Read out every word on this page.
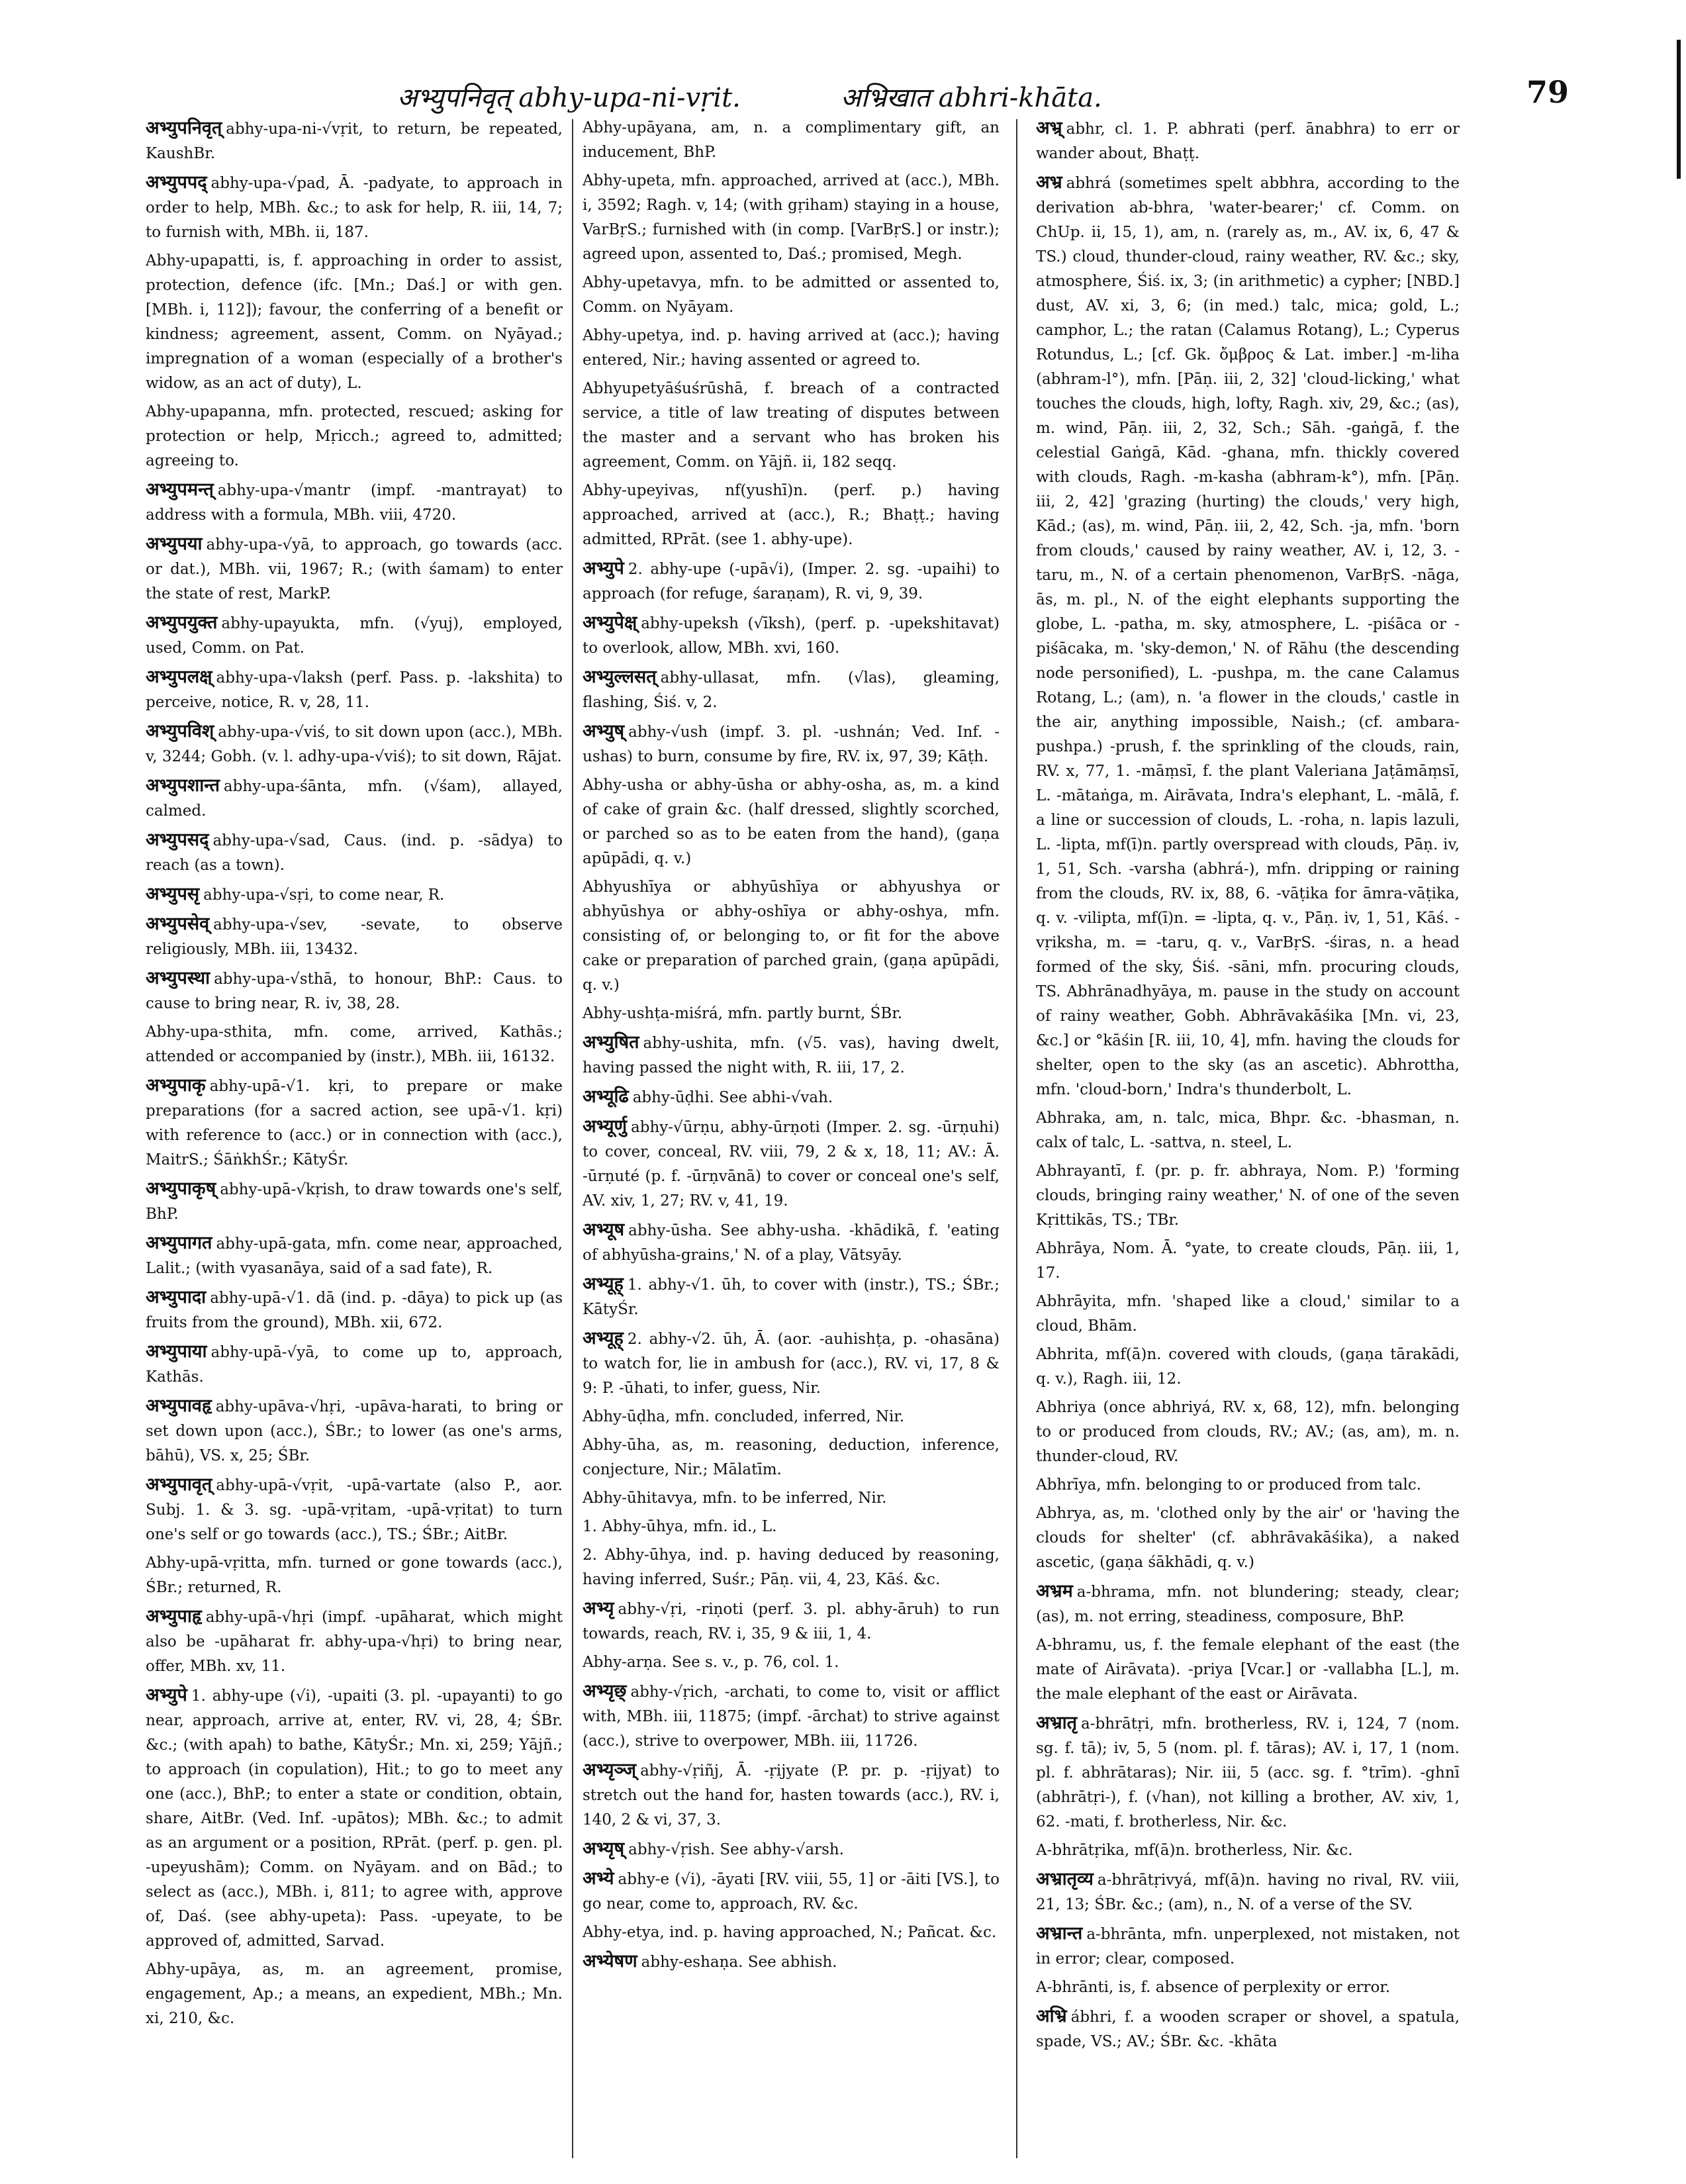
अभ्युपनिवृत् abhy-upa-ni-vṛit.	अभ्रिखात abhri-khāta.	79

अभ्युपनिवृत् abhy-upa-ni-√vṛit, to return, be repeated, KaushBr.

अभ्युपपद् abhy-upa-√pad, Ā. -padyate, to approach in order to help, MBh. &c.; to ask for help, R. iii, 14, 7; to furnish with, MBh. ii, 187.

Abhy-upapatti, is, f. approaching in order to assist, protection, defence (ifc. [Mn.; Daś.] or with gen. [MBh. i, 112]); favour, the conferring of a benefit or kindness; agreement, assent, Comm. on Nyāyad.; impregnation of a woman (especially of a brother's widow, as an act of duty), L.

Abhy-upapanna, mfn. protected, rescued; asking for protection or help, Mṛicch.; agreed to, admitted; agreeing to.

अभ्युपमन्त् abhy-upa-√mantr (impf. -mantrayat) to address with a formula, MBh. viii, 4720.

अभ्युपया abhy-upa-√yā, to approach, go towards (acc. or dat.), MBh. vii, 1967; R.; (with śamam) to enter the state of rest, MarkP.

अभ्युपयुक्त abhy-upayukta, mfn. (√yuj), employed, used, Comm. on Pat.

अभ्युपलक्ष् abhy-upa-√laksh (perf. Pass. p. -lakshita) to perceive, notice, R. v, 28, 11.

अभ्युपविश् abhy-upa-√viś, to sit down upon (acc.), MBh. v, 3244; Gobh. (v. l. adhy-upa-√viś); to sit down, Rājat.

अभ्युपशान्त abhy-upa-śānta, mfn. (√śam), allayed, calmed.

अभ्युपसद् abhy-upa-√sad, Caus. (ind. p. -sādya) to reach (as a town).

अभ्युपसृ abhy-upa-√sṛi, to come near, R.

अभ्युपसेव् abhy-upa-√sev, -sevate, to observe religiously, MBh. iii, 13432.

अभ्युपस्था abhy-upa-√sthā, to honour, BhP.: Caus. to cause to bring near, R. iv, 38, 28.

Abhy-upa-sthita, mfn. come, arrived, Kathās.; attended or accompanied by (instr.), MBh. iii, 16132.

अभ्युपाकृ abhy-upā-√1. kṛi, to prepare or make preparations (for a sacred action, see upā-√1. kṛi) with reference to (acc.) or in connection with (acc.), MaitrS.; ŚāṅkhŚr.; KātyŚr.

अभ्युपाकृष् abhy-upā-√kṛish, to draw towards one's self, BhP.

अभ्युपागत abhy-upā-gata, mfn. come near, approached, Lalit.; (with vyasanāya, said of a sad fate), R.

अभ्युपादा abhy-upā-√1. dā (ind. p. -dāya) to pick up (as fruits from the ground), MBh. xii, 672.

अभ्युपाया abhy-upā-√yā, to come up to, approach, Kathās.

अभ्युपावहृ abhy-upāva-√hṛi, -upāva-harati, to bring or set down upon (acc.), ŚBr.; to lower (as one's arms, bāhū), VS. x, 25; ŚBr.

अभ्युपावृत् abhy-upā-√vṛit, -upā-vartate (also P., aor. Subj. 1. & 3. sg. -upā-vṛitam, -upā-vṛitat) to turn one's self or go towards (acc.), TS.; ŚBr.; AitBr.

Abhy-upā-vṛitta, mfn. turned or gone towards (acc.), ŚBr.; returned, R.

अभ्युपाहृ abhy-upā-√hṛi (impf. -upāharat, which might also be -upāharat fr. abhy-upa-√hṛi) to bring near, offer, MBh. xv, 11.

अभ्युपे 1. abhy-upe (√i), -upaiti (3. pl. -upayanti) to go near, approach, arrive at, enter, RV. vi, 28, 4; ŚBr. &c.; (with apah) to bathe, KātyŚr.; Mn. xi, 259; Yājñ.; to approach (in copulation), Hit.; to go to meet any one (acc.), BhP.; to enter a state or condition, obtain, share, AitBr. (Ved. Inf. -upātos); MBh. &c.; to admit as an argument or a position, RPrāt. (perf. p. gen. pl. -upeyushām); Comm. on Nyāyam. and on Bād.; to select as (acc.), MBh. i, 811; to agree with, approve of, Daś. (see abhy-upeta): Pass. -upeyate, to be approved of, admitted, Sarvad.

Abhy-upāya, as, m. an agreement, promise, engagement, Ap.; a means, an expedient, MBh.; Mn. xi, 210, &c.

Abhy-upāyana, am, n. a complimentary gift, an inducement, BhP.

Abhy-upeta, mfn. approached, arrived at (acc.), MBh. i, 3592; Ragh. v, 14; (with gṛiham) staying in a house, VarBṛS.; furnished with (in comp. [VarBṛS.] or instr.); agreed upon, assented to, Daś.; promised, Megh.

Abhy-upetavya, mfn. to be admitted or assented to, Comm. on Nyāyam.

Abhy-upetya, ind. p. having arrived at (acc.); having entered, Nir.; having assented or agreed to.

Abhyupetyāśuśrūshā, f. breach of a contracted service, a title of law treating of disputes between the master and a servant who has broken his agreement, Comm. on Yājñ. ii, 182 seqq.

Abhy-upeyivas, nf(yushī)n. (perf. p.) having approached, arrived at (acc.), R.; Bhaṭṭ.; having admitted, RPrāt. (see 1. abhy-upe).

अभ्युपे 2. abhy-upe (-upā√i), (Imper. 2. sg. -upaihi) to approach (for refuge, śaraṇam), R. vi, 9, 39.

अभ्युपेक्ष् abhy-upeksh (√īksh), (perf. p. -upekshitavat) to overlook, allow, MBh. xvi, 160.

अभ्युल्लसत् abhy-ullasat, mfn. (√las), gleaming, flashing, Śiś. v, 2.

अभ्युष् abhy-√ush (impf. 3. pl. -ushnán; Ved. Inf. -ushas) to burn, consume by fire, RV. ix, 97, 39; Kāṭh.

Abhy-usha or abhy-ūsha or abhy-osha, as, m. a kind of cake of grain &c. (half dressed, slightly scorched, or parched so as to be eaten from the hand), (gaṇa apūpādi, q. v.)

Abhyushīya or abhyūshīya or abhyushya or abhyūshya or abhy-oshīya or abhy-oshya, mfn. consisting of, or belonging to, or fit for the above cake or preparation of parched grain, (gaṇa apūpādi, q. v.)

Abhy-ushṭa-miśrá, mfn. partly burnt, ŚBr.

अभ्युषित abhy-ushita, mfn. (√5. vas), having dwelt, having passed the night with, R. iii, 17, 2.

अभ्यूढि abhy-ūḍhi. See abhi-√vah.

अभ्यूर्णु abhy-√ūrṇu, abhy-ūrṇoti (Imper. 2. sg. -ūrṇuhi) to cover, conceal, RV. viii, 79, 2 & x, 18, 11; AV.: Ā. -ūrṇuté (p. f. -ūrṇvānā) to cover or conceal one's self, AV. xiv, 1, 27; RV. v, 41, 19.

अभ्यूष abhy-ūsha. See abhy-usha. -khādikā, f. 'eating of abhyūsha-grains,' N. of a play, Vātsyāy.

अभ्यूह् 1. abhy-√1. ūh, to cover with (instr.), TS.; ŚBr.; KātyŚr.

अभ्यूह् 2. abhy-√2. ūh, Ā. (aor. -auhishṭa, p. -ohasāna) to watch for, lie in ambush for (acc.), RV. vi, 17, 8 & 9: P. -ūhati, to infer, guess, Nir.

Abhy-ūḍha, mfn. concluded, inferred, Nir.

Abhy-ūha, as, m. reasoning, deduction, inference, conjecture, Nir.; Mālatīm.

Abhy-ūhitavya, mfn. to be inferred, Nir.

1. Abhy-ūhya, mfn. id., L.

2. Abhy-ūhya, ind. p. having deduced by reasoning, having inferred, Suśr.; Pāṇ. vii, 4, 23, Kāś. &c.

अभ्यृ abhy-√ṛi, -riṇoti (perf. 3. pl. abhy-āruh) to run towards, reach, RV. i, 35, 9 & iii, 1, 4.

Abhy-arṇa. See s. v., p. 76, col. 1.

अभ्यृछ् abhy-√ṛich, -archati, to come to, visit or afflict with, MBh. iii, 11875; (impf. -ārchat) to strive against (acc.), strive to overpower, MBh. iii, 11726.

अभ्यृञ्ज् abhy-√ṛiñj, Ā. -ṛijyate (P. pr. p. -ṛijyat) to stretch out the hand for, hasten towards (acc.), RV. i, 140, 2 & vi, 37, 3.

अभ्यृष् abhy-√ṛish. See abhy-√arsh.

अभ्ये abhy-e (√i), -āyati [RV. viii, 55, 1] or -āiti [VS.], to go near, come to, approach, RV. &c.

Abhy-etya, ind. p. having approached, N.; Pañcat. &c.

अभ्येषण abhy-eshaṇa. See abhish.

अभ्र् abhr, cl. 1. P. abhrati (perf. ānabhra) to err or wander about, Bhaṭṭ.

अभ्र abhrá (sometimes spelt abbhra, according to the derivation ab-bhra, 'water-bearer;' cf. Comm. on ChUp. ii, 15, 1), am, n. (rarely as, m., AV. ix, 6, 47 & TS.) cloud, thunder-cloud, rainy weather, RV. &c.; sky, atmosphere, Śiś. ix, 3; (in arithmetic) a cypher; [NBD.] dust, AV. xi, 3, 6; (in med.) talc, mica; gold, L.; camphor, L.; the ratan (Calamus Rotang), L.; Cyperus Rotundus, L.; [cf. Gk. ὄμβρος & Lat. imber.] -m-liha (abhram-l°), mfn. [Pāṇ. iii, 2, 32] 'cloud-licking,' what touches the clouds, high, lofty, Ragh. xiv, 29, &c.; (as), m. wind, Pāṇ. iii, 2, 32, Sch.; Sāh. -gaṅgā, f. the celestial Gaṅgā, Kād. -ghana, mfn. thickly covered with clouds, Ragh. -m-kasha (abhram-k°), mfn. [Pāṇ. iii, 2, 42] 'grazing (hurting) the clouds,' very high, Kād.; (as), m. wind, Pāṇ. iii, 2, 42, Sch. -ja, mfn. 'born from clouds,' caused by rainy weather, AV. i, 12, 3. -taru, m., N. of a certain phenomenon, VarBṛS. -nāga, ās, m. pl., N. of the eight elephants supporting the globe, L. -patha, m. sky, atmosphere, L. -piśāca or -piśācaka, m. 'sky-demon,' N. of Rāhu (the descending node personified), L. -pushpa, m. the cane Calamus Rotang, L.; (am), n. 'a flower in the clouds,' castle in the air, anything impossible, Naish.; (cf. ambara-pushpa.) -prush, f. the sprinkling of the clouds, rain, RV. x, 77, 1. -māṃsī, f. the plant Valeriana Jaṭāmāṃsī, L. -mātaṅga, m. Airāvata, Indra's elephant, L. -mālā, f. a line or succession of clouds, L. -roha, n. lapis lazuli, L. -lipta, mf(ī)n. partly overspread with clouds, Pāṇ. iv, 1, 51, Sch. -varsha (abhrá-), mfn. dripping or raining from the clouds, RV. ix, 88, 6. -vāṭika for āmra-vāṭika, q. v. -vilipta, mf(ī)n. = -lipta, q. v., Pāṇ. iv, 1, 51, Kāś. -vṛiksha, m. = -taru, q. v., VarBṛS. -śiras, n. a head formed of the sky, Śiś. -sāni, mfn. procuring clouds, TS. Abhrānadhyāya, m. pause in the study on account of rainy weather, Gobh. Abhrāvakāśika [Mn. vi, 23, &c.] or °kāśin [R. iii, 10, 4], mfn. having the clouds for shelter, open to the sky (as an ascetic). Abhrottha, mfn. 'cloud-born,' Indra's thunderbolt, L.

Abhraka, am, n. talc, mica, Bhpr. &c. -bhasman, n. calx of talc, L. -sattva, n. steel, L.

Abhrayantī, f. (pr. p. fr. abhraya, Nom. P.) 'forming clouds, bringing rainy weather,' N. of one of the seven Kṛittikās, TS.; TBr.

Abhrāya, Nom. Ā. °yate, to create clouds, Pāṇ. iii, 1, 17.

Abhrāyita, mfn. 'shaped like a cloud,' similar to a cloud, Bhām.

Abhrita, mf(ā)n. covered with clouds, (gaṇa tārakādi, q. v.), Ragh. iii, 12.

Abhriya (once abhriyá, RV. x, 68, 12), mfn. belonging to or produced from clouds, RV.; AV.; (as, am), m. n. thunder-cloud, RV.

Abhrīya, mfn. belonging to or produced from talc.

Abhrya, as, m. 'clothed only by the air' or 'having the clouds for shelter' (cf. abhrāvakāśika), a naked ascetic, (gaṇa śākhādi, q. v.)

अभ्रम a-bhrama, mfn. not blundering; steady, clear; (as), m. not erring, steadiness, composure, BhP.

A-bhramu, us, f. the female elephant of the east (the mate of Airāvata). -priya [Vcar.] or -vallabha [L.], m. the male elephant of the east or Airāvata.

अभ्रातृ a-bhrātṛi, mfn. brotherless, RV. i, 124, 7 (nom. sg. f. tā); iv, 5, 5 (nom. pl. f. tāras); AV. i, 17, 1 (nom. pl. f. abhrātaras); Nir. iii, 5 (acc. sg. f. °trīm). -ghnī (abhrātṛi-), f. (√han), not killing a brother, AV. xiv, 1, 62. -mati, f. brotherless, Nir. &c.

A-bhrātṛika, mf(ā)n. brotherless, Nir. &c.

अभ्रातृव्य a-bhrātṛivyá, mf(ā)n. having no rival, RV. viii, 21, 13; ŚBr. &c.; (am), n., N. of a verse of the SV.

अभ्रान्त a-bhrānta, mfn. unperplexed, not mistaken, not in error; clear, composed.

A-bhrānti, is, f. absence of perplexity or error.

अभ्रि ábhri, f. a wooden scraper or shovel, a spatula, spade, VS.; AV.; ŚBr. &c. -khāta
